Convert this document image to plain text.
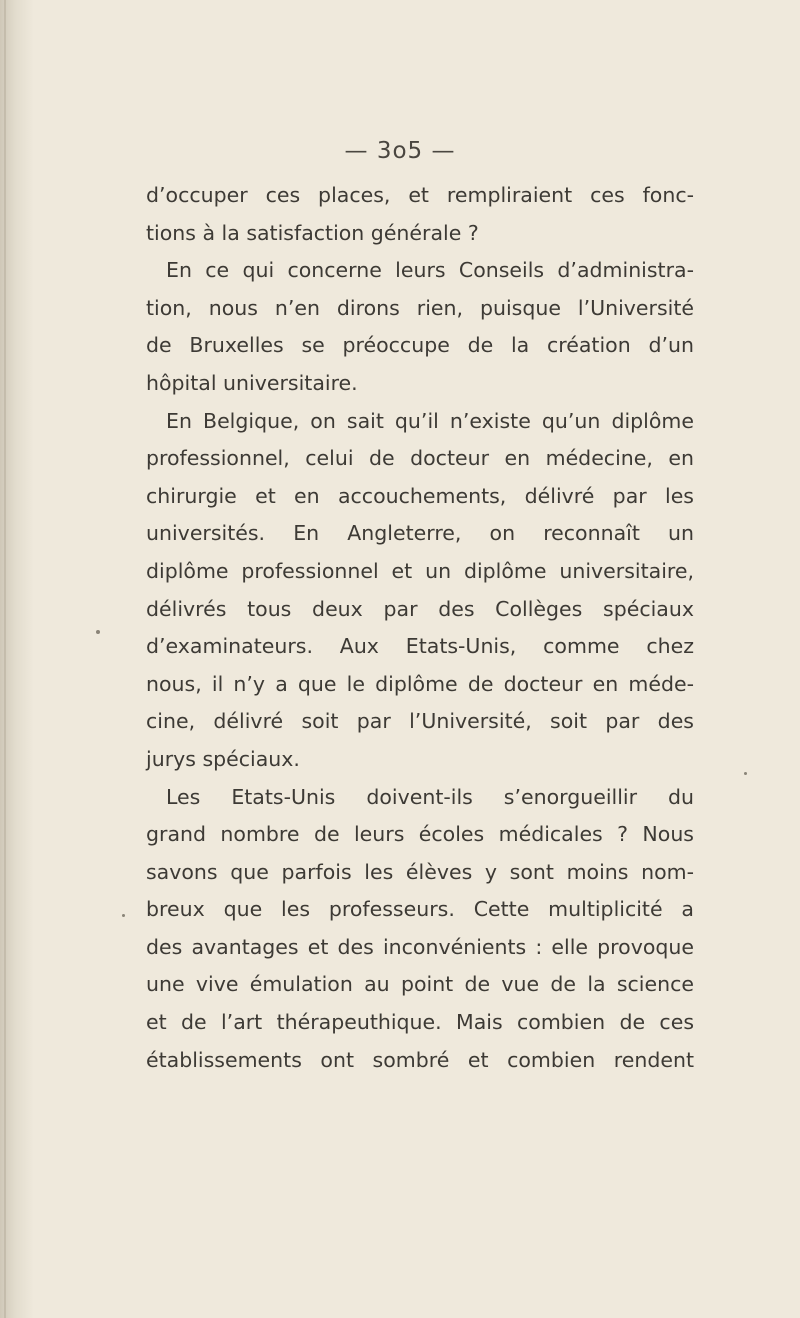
— 3o5 —
d’occuper ces places, et rempliraient ces fonc-
tions à la satisfaction générale ?
En ce qui concerne leurs Conseils d’administra-
tion, nous n’en dirons rien, puisque l’Université
de Bruxelles se préoccupe de la création d’un
hôpital universitaire.
En Belgique, on sait qu’il n’existe qu’un diplôme
professionnel, celui de docteur en médecine, en
chirurgie et en accouchements, délivré par les
universités. En Angleterre, on reconnaît un
diplôme professionnel et un diplôme universitaire,
délivrés tous deux par des Collèges spéciaux
d’examinateurs. Aux Etats-Unis, comme chez
nous, il n’y a que le diplôme de docteur en méde-
cine, délivré soit par l’Université, soit par des
jurys spéciaux.
Les Etats-Unis doivent-ils s’enorgueillir du
grand nombre de leurs écoles médicales ? Nous
savons que parfois les élèves y sont moins nom-
breux que les professeurs. Cette multiplicité a
des avantages et des inconvénients : elle provoque
une vive émulation au point de vue de la science
et de l’art thérapeuthique. Mais combien de ces
établissements ont sombré et combien rendent
